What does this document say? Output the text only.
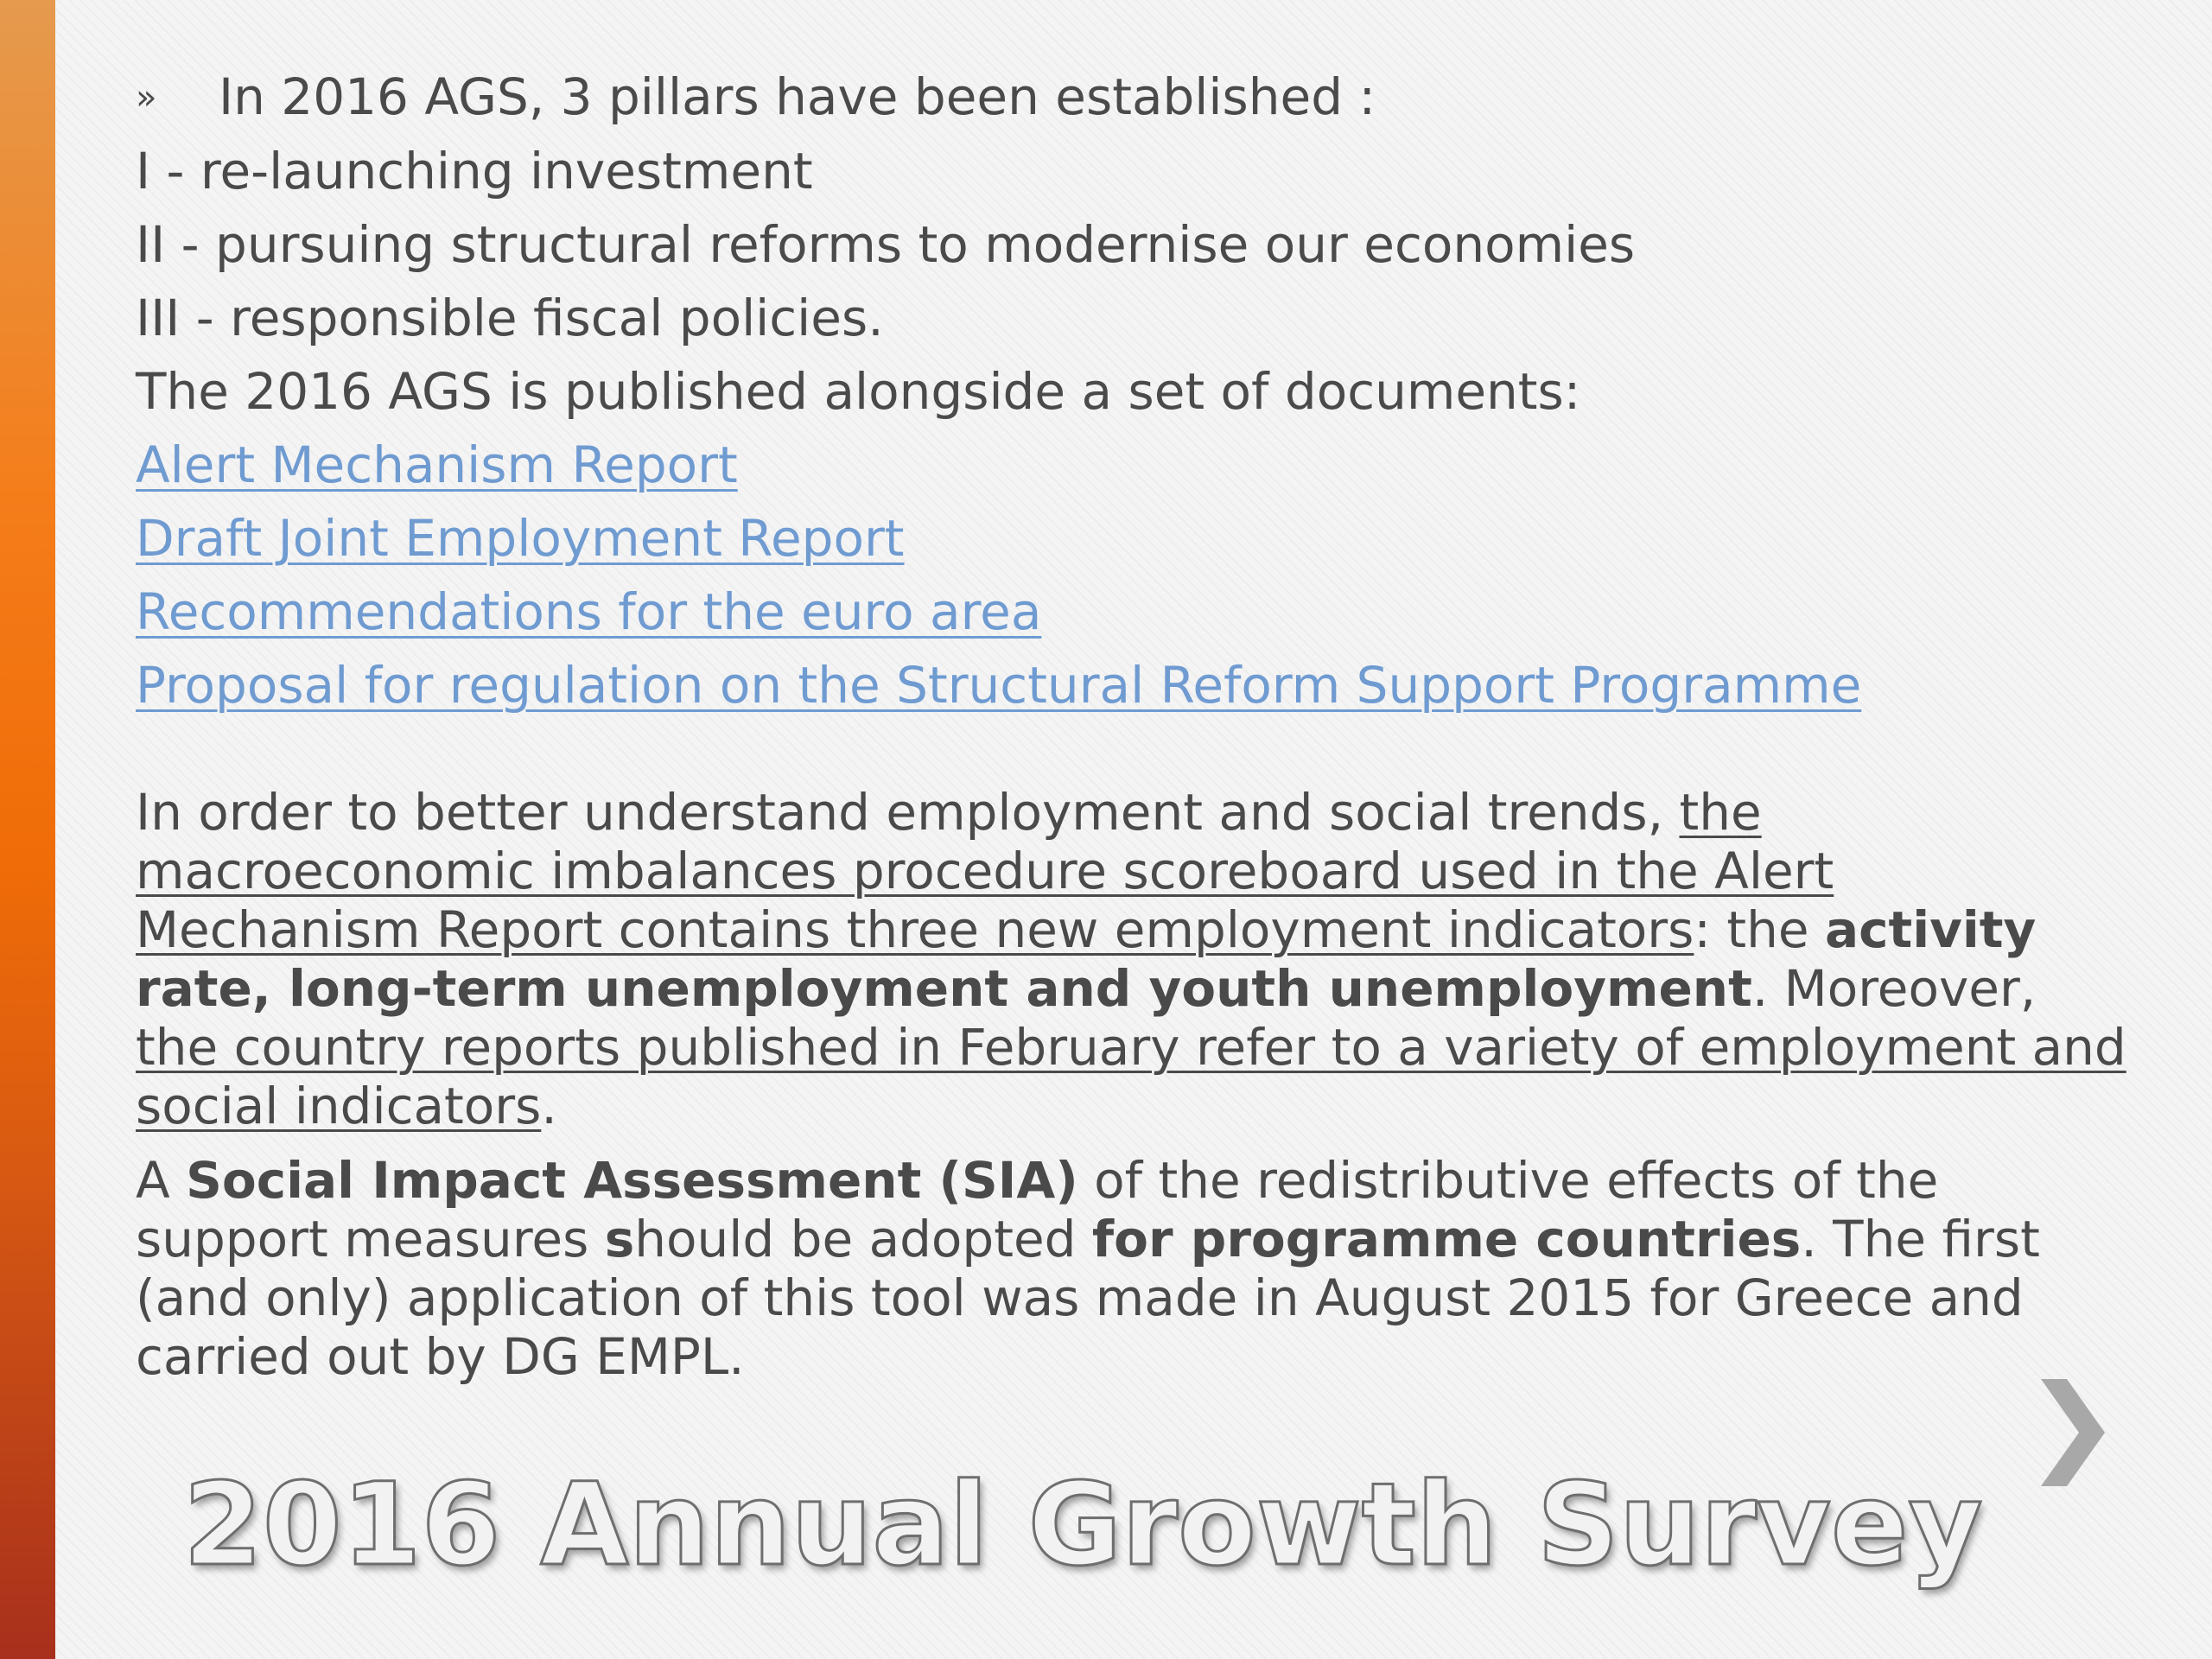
» In 2016 AGS, 3 pillars have been established :

I - re-launching investment

II - pursuing structural reforms to modernise our economies

III - responsible fiscal policies.

The 2016 AGS is published alongside a set of documents:

Alert Mechanism Report

Draft Joint Employment Report

Recommendations for the euro area

Proposal for regulation on the Structural Reform Support Programme

In order to better understand employment and social trends, the macroeconomic imbalances procedure scoreboard used in the Alert Mechanism Report contains three new employment indicators: the activity rate, long-term unemployment and youth unemployment. Moreover, the country reports published in February refer to a variety of employment and social indicators.

A Social Impact Assessment (SIA) of the redistributive effects of the support measures should be adopted for programme countries. The first (and only) application of this tool was made in August 2015 for Greece and carried out by DG EMPL.

2016 Annual Growth Survey
